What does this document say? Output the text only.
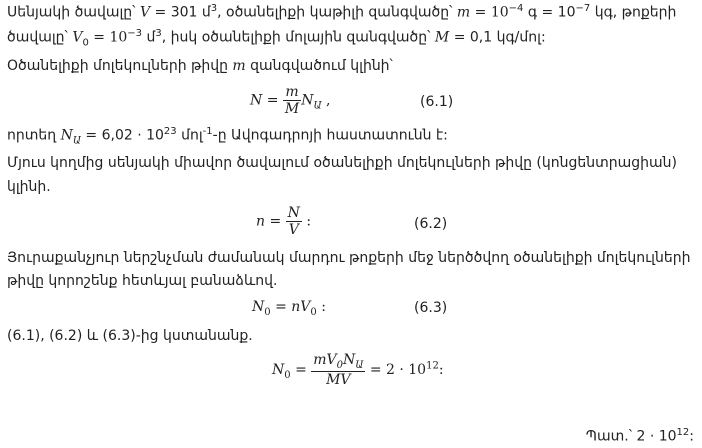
Սենյակի ծավալը՝ V = 301 մ$^3$, օծանելիքի կաթիլի զանգվածը՝ $m = 10^{-4}$ գ = $10^{-7}$ կգ, թոքերի
ծավալը՝ $V_0 = 10^{-3}$ մ$^3$, իսկ օծանելիքի մոլային զանգվածը՝ M = 0,1 կգ/մոլ:
Օծանելիքի մոլեկուլների թիվը m զանգվածում կլինի՝
$N = \frac{m}{M} N_Ա$ ,	(6.1)
որտեղ $N_Ա = 6,02 \cdot 10^{23}$ մոլ$^{-1}$-ը Ավոգադրոյի հաստատունն է:
Մյուս կողմից սենյակի միավոր ծավալում օծանելիքի մոլեկուլների թիվը (կոնցենտրացիան)
կլինի.
$n = \frac{N}{V}$ :	(6.2)
Յուրաքանչյուր ներշնչման ժամանակ մարդու թոքերի մեջ ներծծվող օծանելիքի մոլեկուլների
թիվը կորոշենք հետևյալ բանաձևով.
$N_0 = nV_0$ :	(6.3)
(6.1), (6.2) և (6.3)-ից կստանանք.
$N_0 = \frac{mV_0N_Ա}{MV} = 2 \cdot 10^{12}$:
Պատ.՝ $2 \cdot 10^{12}$:
